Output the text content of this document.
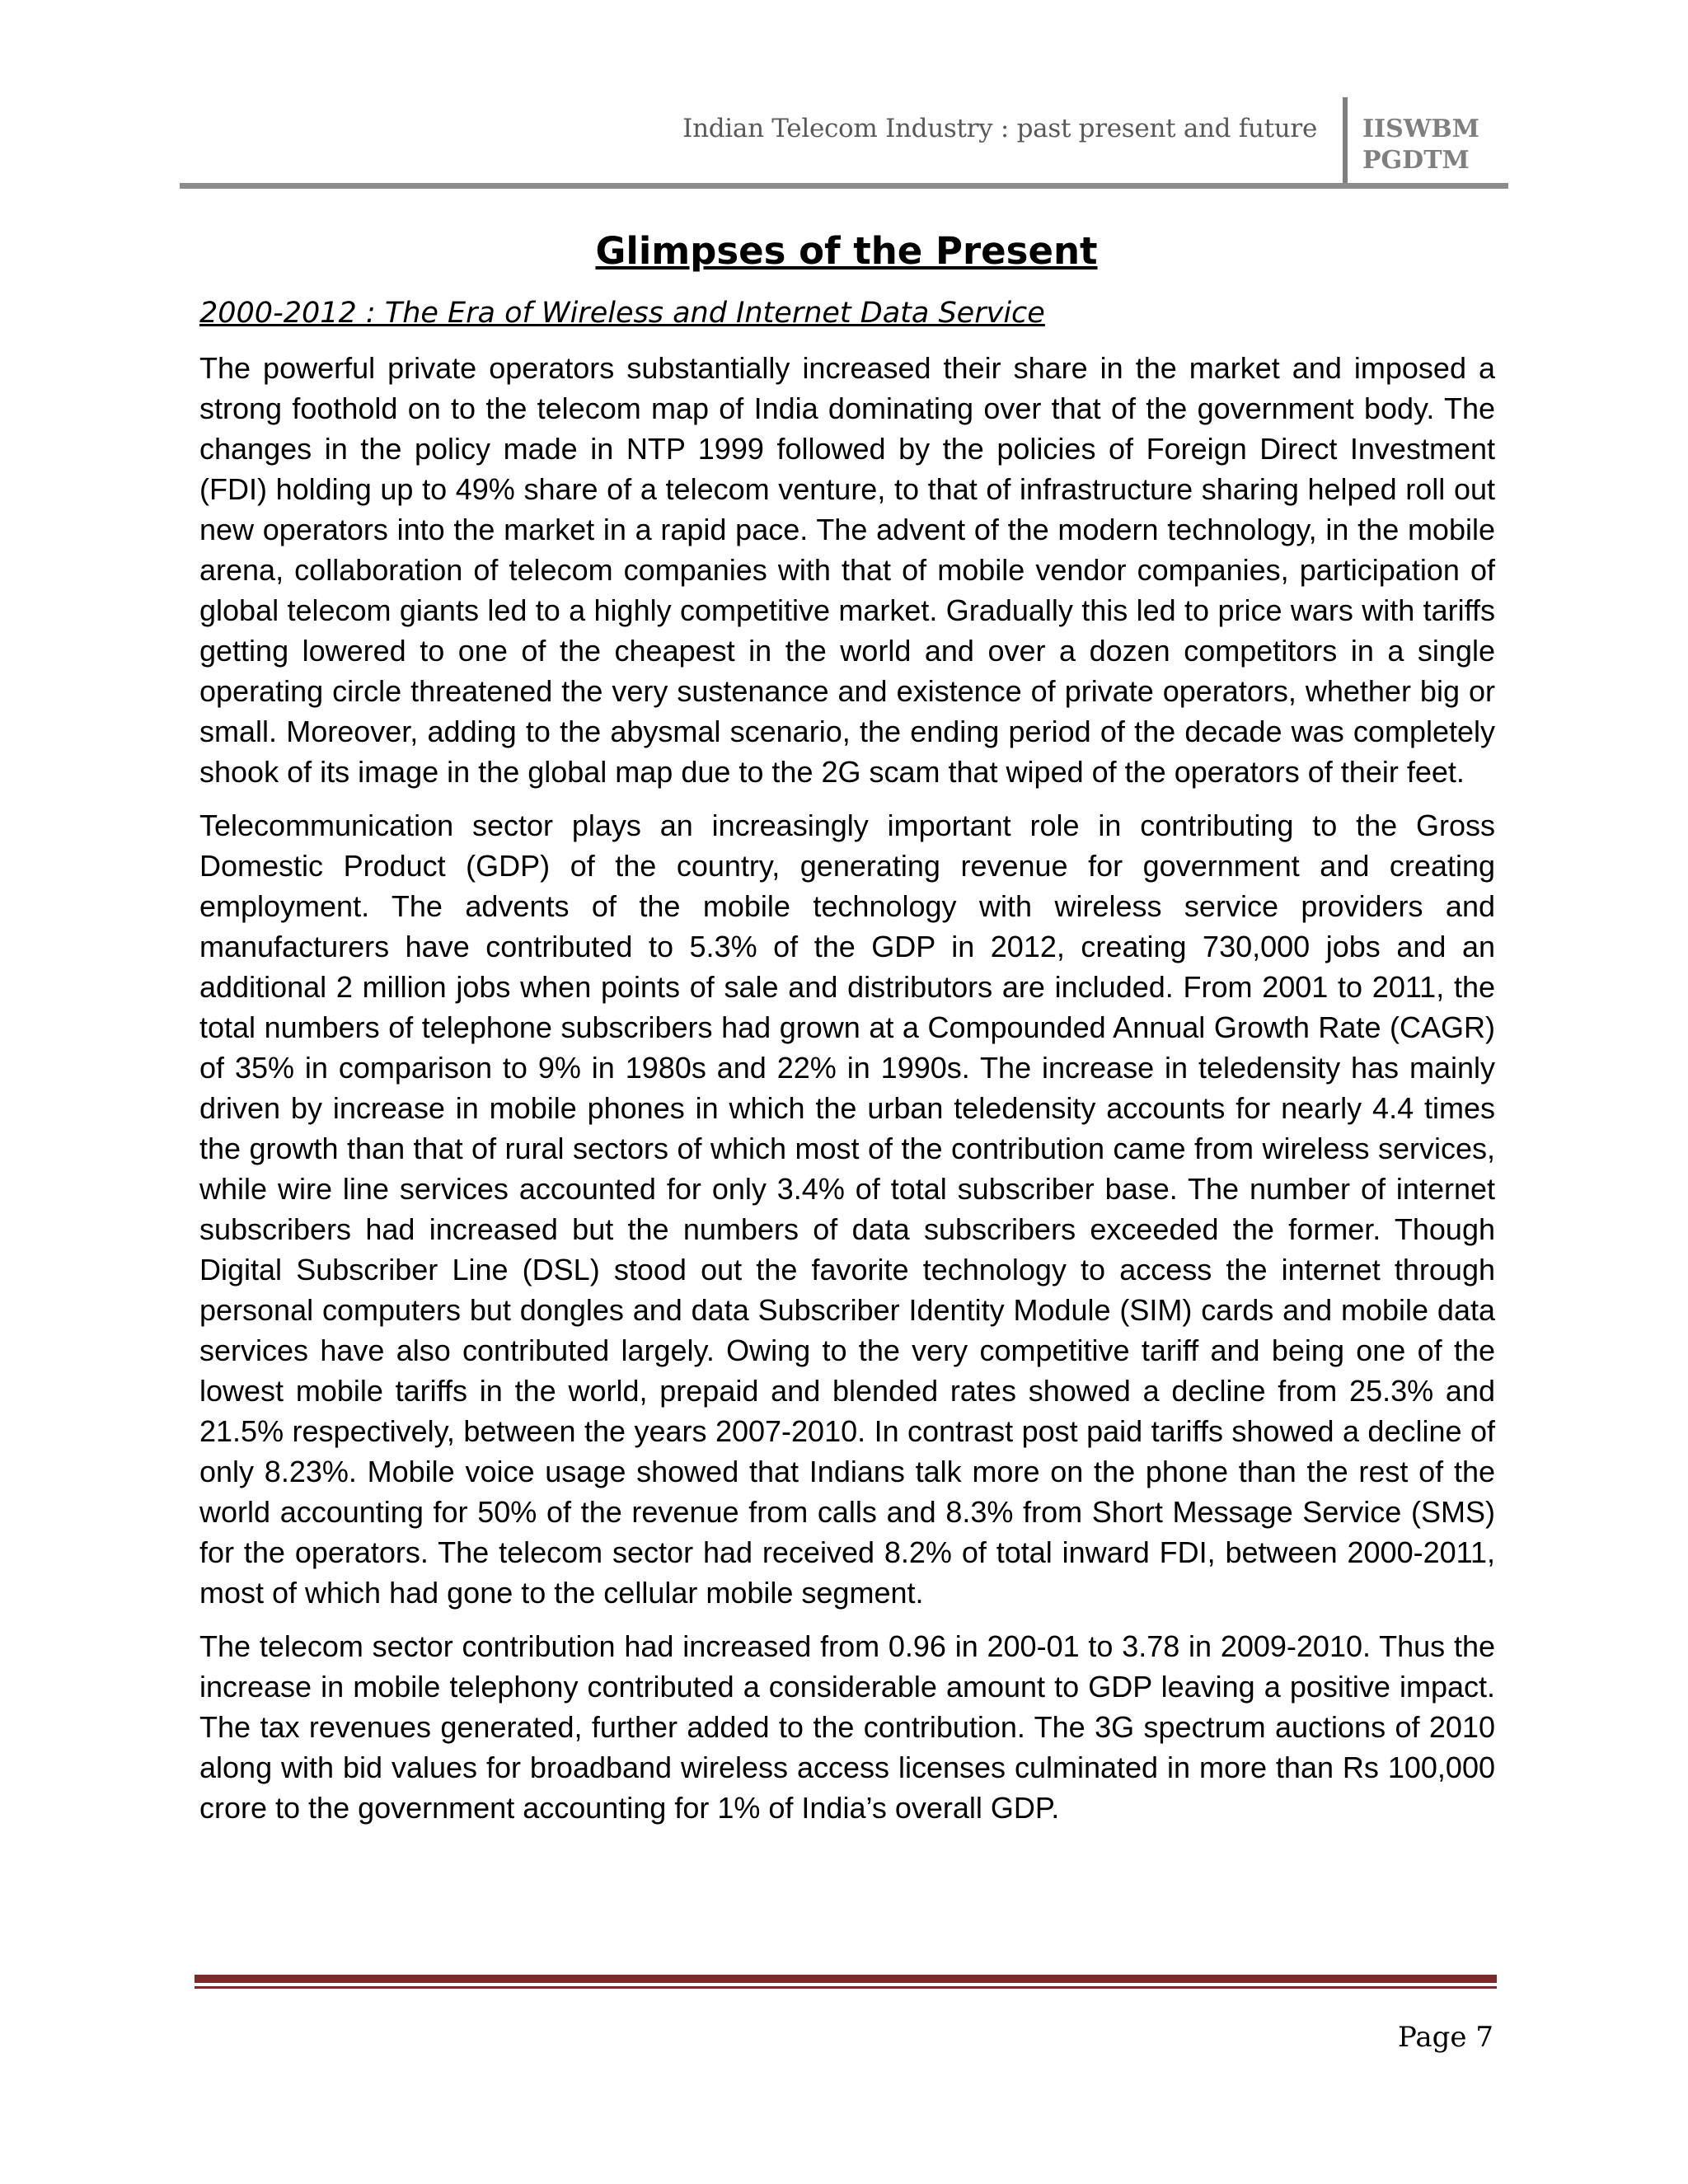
Indian Telecom Industry : past present and future IISWBM
PGDTM
Glimpses of the Present
2000-2012 : The Era of Wireless and Internet Data Service

The powerful private operators substantially increased their share in the market and imposed a strong foothold on to the telecom map of India dominating over that of the government body. The changes in the policy made in NTP 1999 followed by the policies of Foreign Direct Investment (FDI) holding up to 49% share of a telecom venture, to that of infrastructure sharing helped roll out new operators into the market in a rapid pace. The advent of the modern technology, in the mobile arena, collaboration of telecom companies with that of mobile vendor companies, participation of global telecom giants led to a highly competitive market. Gradually this led to price wars with tariffs getting lowered to one of the cheapest in the world and over a dozen competitors in a single operating circle threatened the very sustenance and existence of private operators, whether big or small. Moreover, adding to the abysmal scenario, the ending period of the decade was completely shook of its image in the global map due to the 2G scam that wiped of the operators of their feet.

Telecommunication sector plays an increasingly important role in contributing to the Gross Domestic Product (GDP) of the country, generating revenue for government and creating employment. The advents of the mobile technology with wireless service providers and manufacturers have contributed to 5.3% of the GDP in 2012, creating 730,000 jobs and an additional 2 million jobs when points of sale and distributors are included. From 2001 to 2011, the total numbers of telephone subscribers had grown at a Compounded Annual Growth Rate (CAGR) of 35% in comparison to 9% in 1980s and 22% in 1990s. The increase in teledensity has mainly driven by increase in mobile phones in which the urban teledensity accounts for nearly 4.4 times the growth than that of rural sectors of which most of the contribution came from wireless services, while wire line services accounted for only 3.4% of total subscriber base. The number of internet subscribers had increased but the numbers of data subscribers exceeded the former. Though Digital Subscriber Line (DSL) stood out the favorite technology to access the internet through personal computers but dongles and data Subscriber Identity Module (SIM) cards and mobile data services have also contributed largely. Owing to the very competitive tariff and being one of the lowest mobile tariffs in the world, prepaid and blended rates showed a decline from 25.3% and 21.5% respectively, between the years 2007-2010. In contrast post paid tariffs showed a decline of only 8.23%. Mobile voice usage showed that Indians talk more on the phone than the rest of the world accounting for 50% of the revenue from calls and 8.3% from Short Message Service (SMS) for the operators. The telecom sector had received 8.2% of total inward FDI, between 2000-2011, most of which had gone to the cellular mobile segment.

The telecom sector contribution had increased from 0.96 in 200-01 to 3.78 in 2009-2010. Thus the increase in mobile telephony contributed a considerable amount to GDP leaving a positive impact. The tax revenues generated, further added to the contribution. The 3G spectrum auctions of 2010 along with bid values for broadband wireless access licenses culminated in more than Rs 100,000 crore to the government accounting for 1% of India’s overall GDP.

Page 7
